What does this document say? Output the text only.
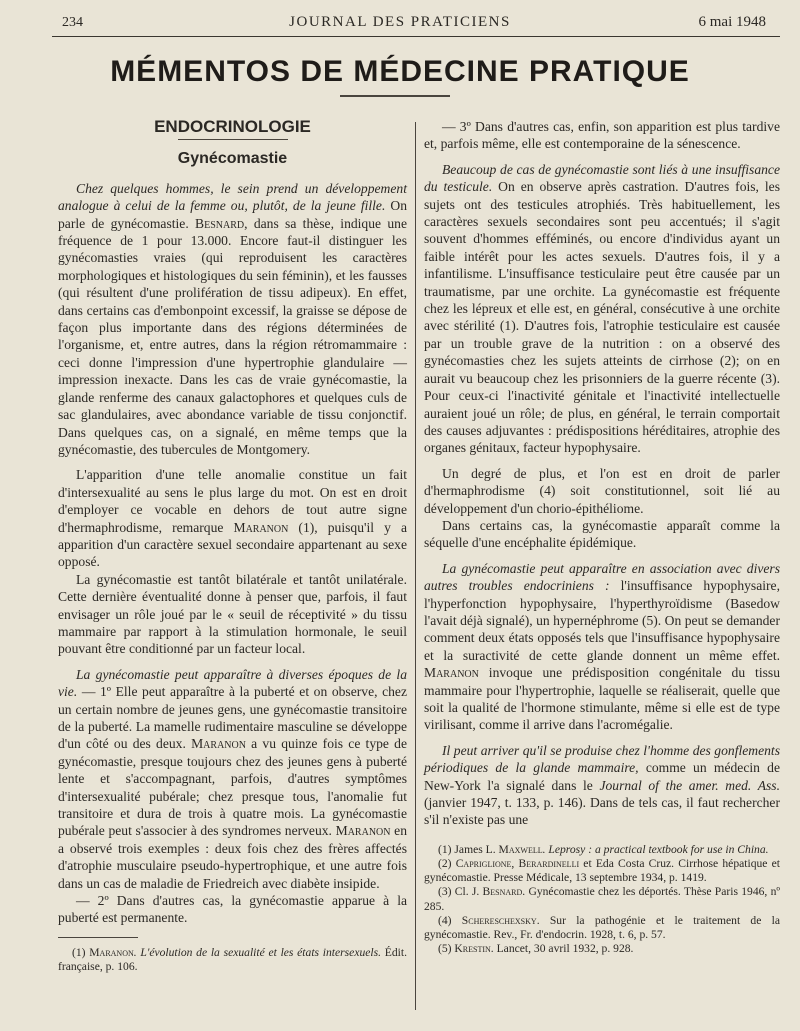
234	JOURNAL DES PRATICIENS	6 mai 1948
MÉMENTOS DE MÉDECINE PRATIQUE
ENDOCRINOLOGIE
Gynécomastie

Chez quelques hommes, le sein prend un développement analogue à celui de la femme ou, plutôt, de la jeune fille. On parle de gynécomastie. Besnard, dans sa thèse, indique une fréquence de 1 pour 13.000. Encore faut-il distinguer les gynécomasties vraies (qui reproduisent les caractères morphologiques et histologiques du sein féminin), et les fausses (qui résultent d'une prolifération de tissu adipeux). En effet, dans certains cas d'embonpoint excessif, la graisse se dépose de façon plus importante dans des régions déterminées de l'organisme, et, entre autres, dans la région rétromammaire : ceci donne l'impression d'une hypertrophie glandulaire — impression inexacte. Dans les cas de vraie gynécomastie, la glande renferme des canaux galactophores et quelques culs de sac glandulaires, avec abondance variable de tissu conjonctif. Dans quelques cas, on a signalé, en même temps que la gynécomastie, des tubercules de Montgomery.

L'apparition d'une telle anomalie constitue un fait d'intersexualité au sens le plus large du mot. On est en droit d'employer ce vocable en dehors de tout autre signe d'hermaphrodisme, remarque Maranon (1), puisqu'il y a apparition d'un caractère sexuel secondaire appartenant au sexe opposé.

La gynécomastie est tantôt bilatérale et tantôt unilatérale. Cette dernière éventualité donne à penser que, parfois, il faut envisager un rôle joué par le « seuil de réceptivité » du tissu mammaire par rapport à la stimulation hormonale, le seuil pouvant être conditionné par un facteur local.

La gynécomastie peut apparaître à diverses époques de la vie. — 1º Elle peut apparaître à la puberté et on observe, chez un certain nombre de jeunes gens, une gynécomastie transitoire de la puberté. La mamelle rudimentaire masculine se développe d'un côté ou des deux. Maranon a vu quinze fois ce type de gynécomastie, presque toujours chez des jeunes gens à puberté lente et s'accompagnant, parfois, d'autres symptômes d'intersexualité pubérale; chez presque tous, l'anomalie fut transitoire et dura de trois à quatre mois. La gynécomastie pubérale peut s'associer à des syndromes nerveux. Maranon en a observé trois exemples : deux fois chez des frères affectés d'atrophie musculaire pseudo-hypertrophique, et une autre fois dans un cas de maladie de Friedreich avec diabète insipide.

— 2º Dans d'autres cas, la gynécomastie apparue à la puberté est permanente.

(1) Maranon. L'évolution de la sexualité et les états intersexuels. Édit. française, p. 106.

— 3º Dans d'autres cas, enfin, son apparition est plus tardive et, parfois même, elle est contemporaine de la sénescence.

Beaucoup de cas de gynécomastie sont liés à une insuffisance du testicule. On en observe après castration. D'autres fois, les sujets ont des testicules atrophiés. Très habituellement, les caractères sexuels secondaires sont peu accentués; il s'agit souvent d'hommes efféminés, ou encore d'individus ayant un faible intérêt pour les actes sexuels. D'autres fois, il y a infantilisme. L'insuffisance testiculaire peut être causée par un traumatisme, par une orchite. La gynécomastie est fréquente chez les lépreux et elle est, en général, consécutive à une orchite avec stérilité (1). D'autres fois, l'atrophie testiculaire est causée par un trouble grave de la nutrition : on a observé des gynécomasties chez les sujets atteints de cirrhose (2); on en aurait vu beaucoup chez les prisonniers de la guerre récente (3). Pour ceux-ci l'inactivité génitale et l'inactivité intellectuelle auraient joué un rôle; de plus, en général, le terrain comportait des causes adjuvantes : prédispositions héréditaires, atrophie des organes génitaux, facteur hypophysaire.

Un degré de plus, et l'on est en droit de parler d'hermaphrodisme (4) soit constitutionnel, soit lié au développement d'un chorio-épithéliome.

Dans certains cas, la gynécomastie apparaît comme la séquelle d'une encéphalite épidémique.

La gynécomastie peut apparaître en association avec divers autres troubles endocriniens : l'insuffisance hypophysaire, l'hyperfonction hypophysaire, l'hyperthyroïdisme (Basedow l'avait déjà signalé), un hypernéphrome (5). On peut se demander comment deux états opposés tels que l'insuffisance hypophysaire et la suractivité de cette glande donnent un même effet. Maranon invoque une prédisposition congénitale du tissu mammaire pour l'hypertrophie, laquelle se réaliserait, quelle que soit la qualité de l'hormone stimulante, même si elle est de type virilisant, comme il arrive dans l'acromégalie.

Il peut arriver qu'il se produise chez l'homme des gonflements périodiques de la glande mammaire, comme un médecin de New-York l'a signalé dans le Journal of the amer. med. Ass. (janvier 1947, t. 133, p. 146). Dans de tels cas, il faut rechercher s'il n'existe pas une

(1) James L. Maxwell. Leprosy : a practical textbook for use in China.

(2) Capriglione, Berardinelli et Eda Costa Cruz. Cirrhose hépatique et gynécomastie. Presse Médicale, 13 septembre 1934, p. 1419.

(3) Cl. J. Besnard. Gynécomastie chez les déportés. Thèse Paris 1946, nº 285.

(4) Schereschexsky. Sur la pathogénie et le traitement de la gynécomastie. Rev., Fr. d'endocrin. 1928, t. 6, p. 57.

(5) Krestin. Lancet, 30 avril 1932, p. 928.
